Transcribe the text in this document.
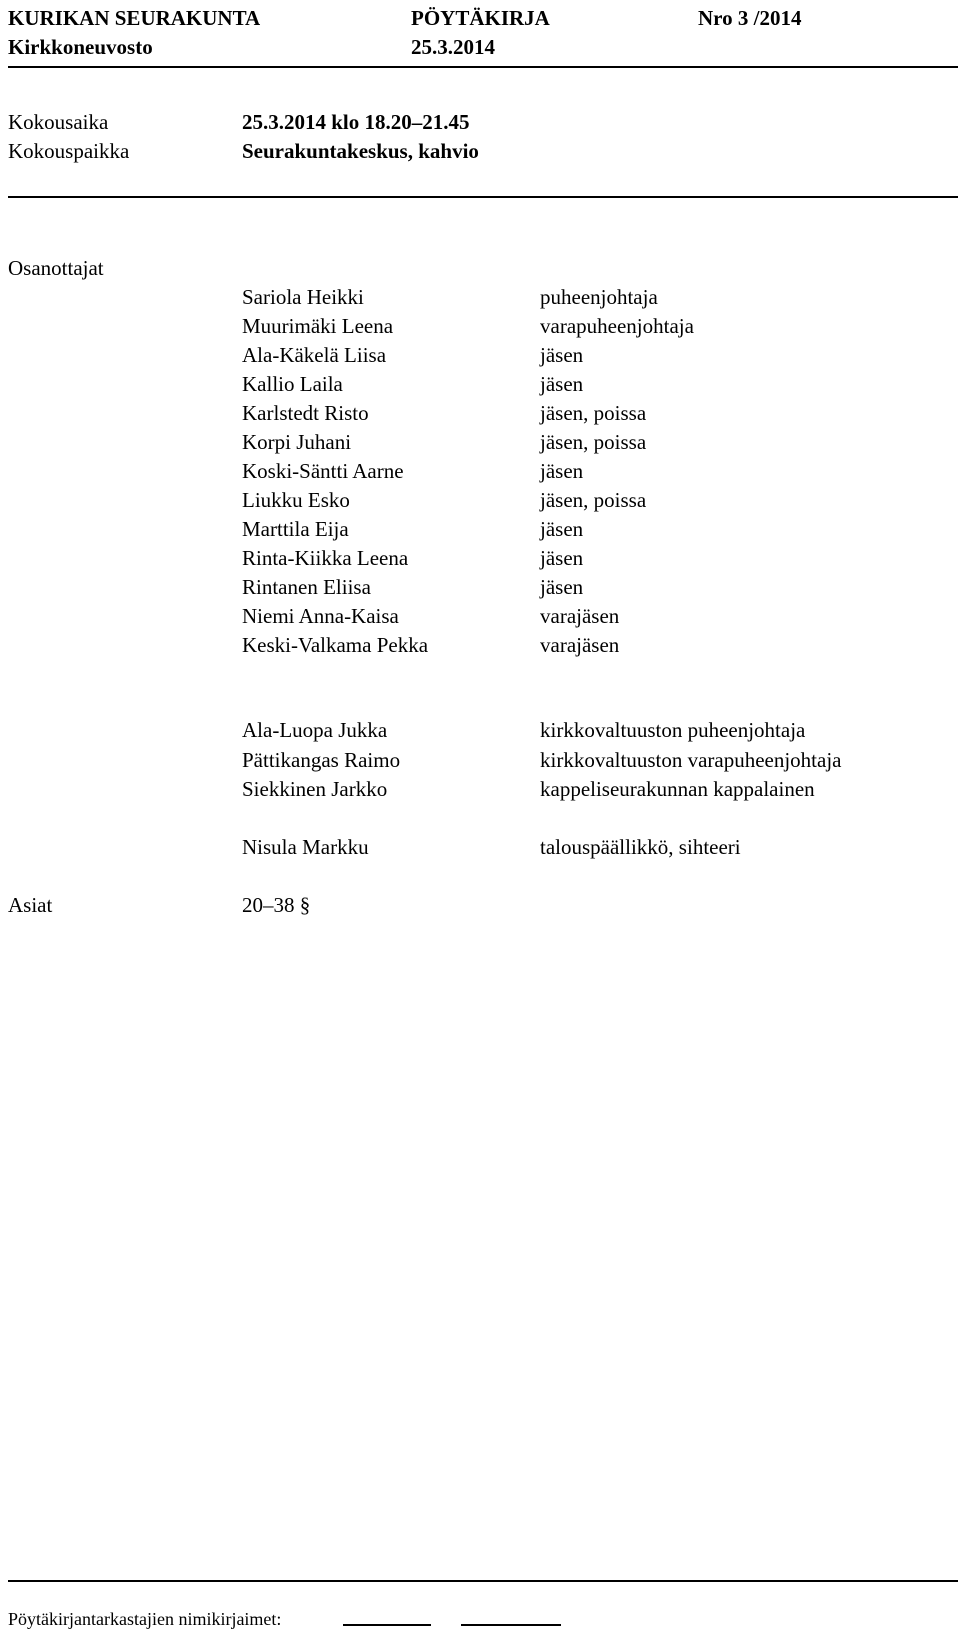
KURIKAN SEURAKUNTA	PÖYTÄKIRJA	Nro 3 /2014
Kirkkoneuvosto	25.3.2014
Kokousaika	25.3.2014 klo 18.20–21.45
Kokouspaikka	Seurakuntakeskus, kahvio
Osanottajat
Sariola Heikki	puheenjohtaja
Muurimäki Leena	varapuheenjohtaja
Ala-Käkelä Liisa	jäsen
Kallio Laila	jäsen
Karlstedt Risto	jäsen, poissa
Korpi Juhani	jäsen, poissa
Koski-Säntti Aarne	jäsen
Liukku Esko	jäsen, poissa
Marttila Eija	jäsen
Rinta-Kiikka Leena	jäsen
Rintanen Eliisa	jäsen
Niemi Anna-Kaisa	varajäsen
Keski-Valkama Pekka	varajäsen
Ala-Luopa Jukka	kirkkovaltuuston puheenjohtaja
Pättikangas Raimo	kirkkovaltuuston varapuheenjohtaja
Siekkinen Jarkko	kappeliseurakunnan kappalainen
Nisula Markku	talouspäällikkö, sihteeri
Asiat	20–38 §
Pöytäkirjantarkastajien nimikirjaimet:
